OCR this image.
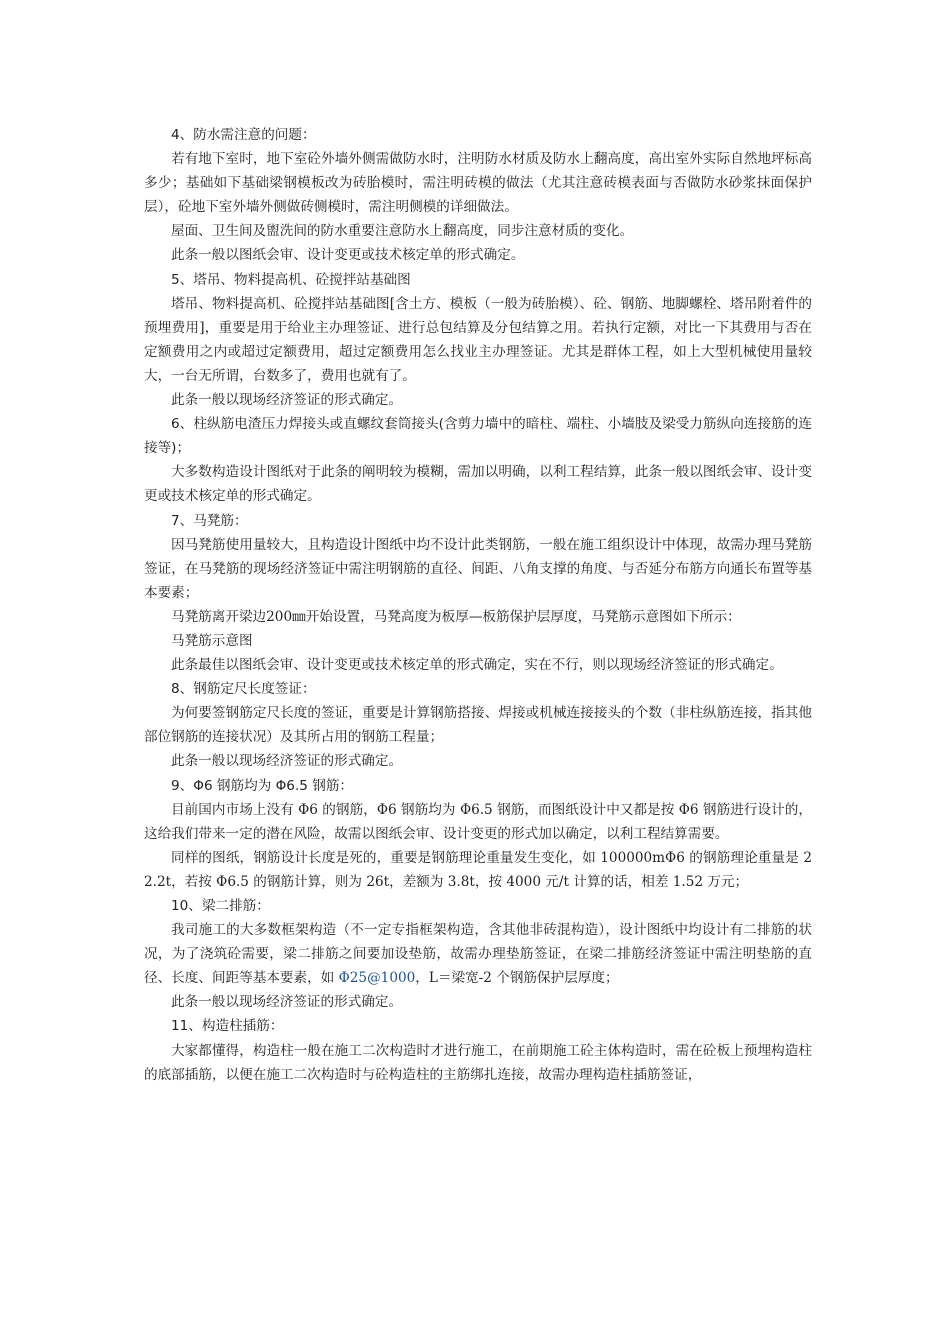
4、防水需注意的问题：

若有地下室时，地下室砼外墙外侧需做防水时，注明防水材质及防水上翻高度，高出室外实际自然地坪标高多少；基础如下基础梁钢模板改为砖胎模时，需注明砖模的做法（尤其注意砖模表面与否做防水砂浆抹面保护层），砼地下室外墙外侧做砖侧模时，需注明侧模的详细做法。

屋面、卫生间及盥洗间的防水重要注意防水上翻高度，同步注意材质的变化。

此条一般以图纸会审、设计变更或技术核定单的形式确定。

5、塔吊、物料提高机、砼搅拌站基础图

塔吊、物料提高机、砼搅拌站基础图[含土方、模板（一般为砖胎模）、砼、钢筋、地脚螺栓、塔吊附着件的预埋费用]，重要是用于给业主办理签证、进行总包结算及分包结算之用。若执行定额，对比一下其费用与否在定额费用之内或超过定额费用，超过定额费用怎么找业主办理签证。尤其是群体工程，如上大型机械使用量较大，一台无所谓，台数多了，费用也就有了。

此条一般以现场经济签证的形式确定。

6、柱纵筋电渣压力焊接头或直螺纹套筒接头(含剪力墙中的暗柱、端柱、小墙肢及梁受力筋纵向连接筋的连接等)；

大多数构造设计图纸对于此条的阐明较为模糊，需加以明确，以利工程结算，此条一般以图纸会审、设计变更或技术核定单的形式确定。

7、马凳筋：

因马凳筋使用量较大，且构造设计图纸中均不设计此类钢筋，一般在施工组织设计中体现，故需办理马凳筋签证，在马凳筋的现场经济签证中需注明钢筋的直径、间距、八角支撑的角度、与否延分布筋方向通长布置等基本要素；

马凳筋离开梁边200㎜开始设置，马凳高度为板厚—板筋保护层厚度，马凳筋示意图如下所示：

马凳筋示意图

此条最佳以图纸会审、设计变更或技术核定单的形式确定，实在不行，则以现场经济签证的形式确定。

8、钢筋定尺长度签证：

为何要签钢筋定尺长度的签证，重要是计算钢筋搭接、焊接或机械连接接头的个数（非柱纵筋连接，指其他部位钢筋的连接状况）及其所占用的钢筋工程量；

此条一般以现场经济签证的形式确定。

9、Φ6 钢筋均为 Φ6.5 钢筋：

目前国内市场上没有 Φ6 的钢筋，Φ6 钢筋均为 Φ6.5 钢筋，而图纸设计中又都是按 Φ6 钢筋进行设计的，这给我们带来一定的潜在风险，故需以图纸会审、设计变更的形式加以确定，以利工程结算需要。

同样的图纸，钢筋设计长度是死的，重要是钢筋理论重量发生变化，如 100000mΦ6 的钢筋理论重量是 22.2t，若按 Φ6.5 的钢筋计算，则为 26t，差额为 3.8t，按 4000 元/t 计算的话，相差 1.52 万元；

10、梁二排筋：

我司施工的大多数框架构造（不一定专指框架构造，含其他非砖混构造），设计图纸中均设计有二排筋的状况，为了浇筑砼需要，梁二排筋之间要加设垫筋，故需办理垫筋签证，在梁二排筋经济签证中需注明垫筋的直径、长度、间距等基本要素，如 Φ25@1000，L＝梁宽-2 个钢筋保护层厚度；

此条一般以现场经济签证的形式确定。

11、构造柱插筋：

大家都懂得，构造柱一般在施工二次构造时才进行施工，在前期施工砼主体构造时，需在砼板上预埋构造柱的底部插筋，以便在施工二次构造时与砼构造柱的主筋绑扎连接，故需办理构造柱插筋签证，
